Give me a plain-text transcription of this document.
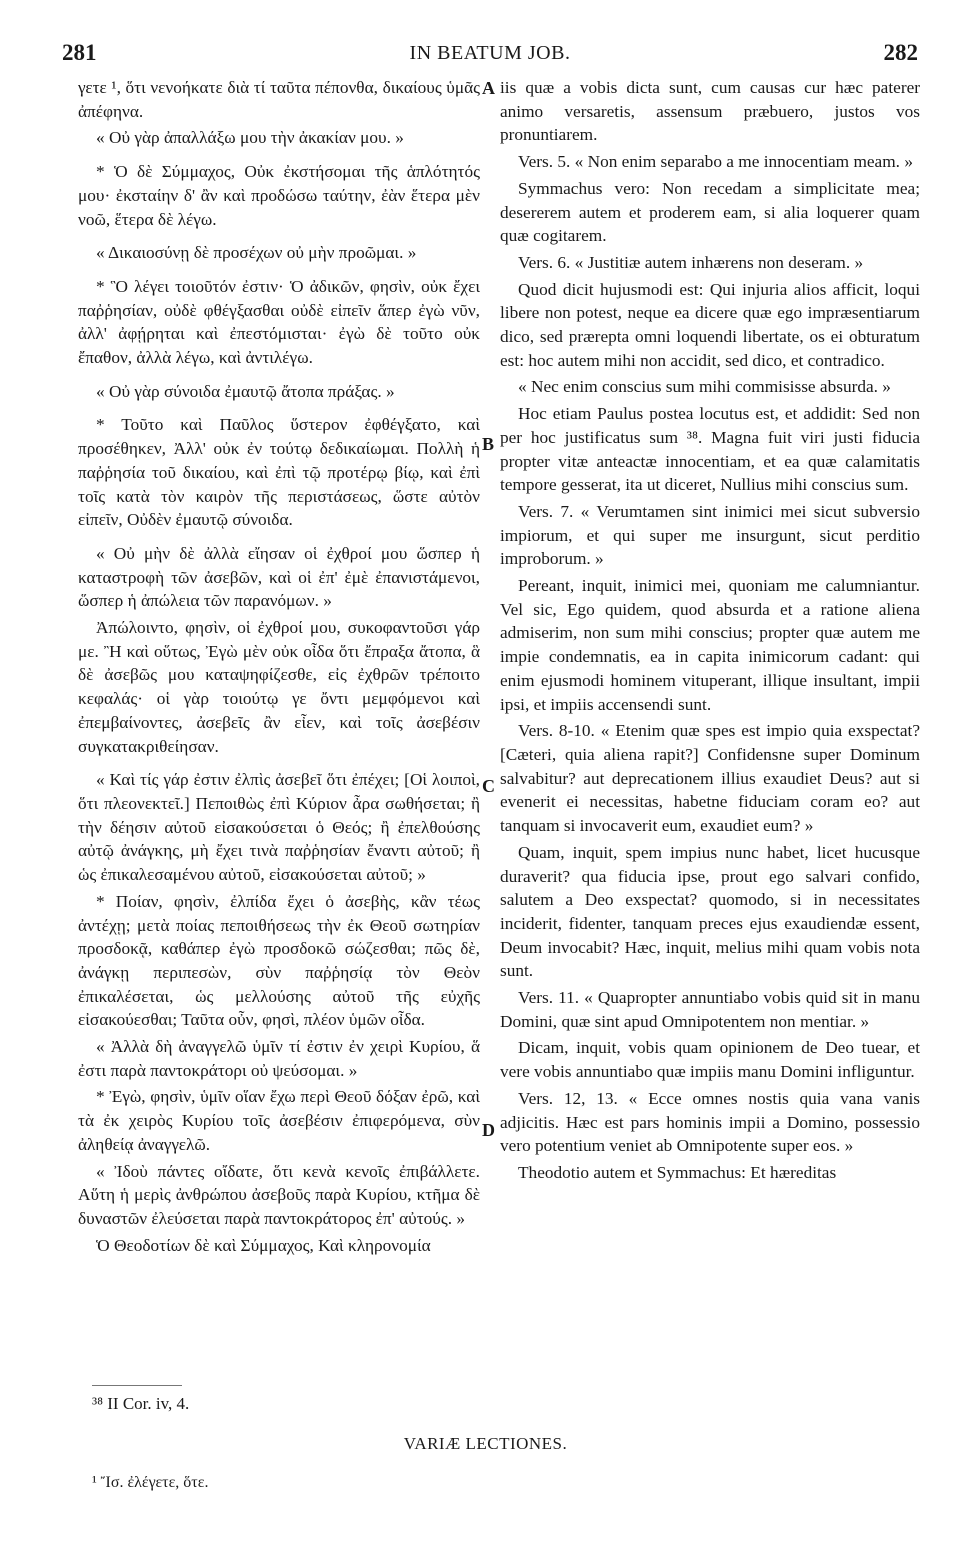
281	IN BEATUM JOB.	282

γετε ¹, ὅτι νενοήκατε διὰ τί ταῦτα πέπονθα, δικαίους ὑμᾶς ἀπέφηνα.

« Οὐ γὰρ ἀπαλλάξω μου τὴν ἀκακίαν μου. »

* Ὁ δὲ Σύμμαχος, Οὐκ ἐκστήσομαι τῆς ἁπλότητός μου· ἐκσταίην δ' ἂν καὶ προδώσω ταύτην, ἐὰν ἕτερα μὲν νοῶ, ἕτερα δὲ λέγω.

« Δικαιοσύνῃ δὲ προσέχων οὐ μὴν προῶμαι. »

* Ὃ λέγει τοιοῦτόν ἐστιν· Ὁ ἀδικῶν, φησὶν, οὐκ ἔχει παῤῥησίαν, οὐδὲ φθέγξασθαι οὐδὲ εἰπεῖν ἅπερ ἐγὼ νῦν, ἀλλ' ἀφῄρηται καὶ ἐπεστόμισται· ἐγὼ δὲ τοῦτο οὐκ ἔπαθον, ἀλλὰ λέγω, καὶ ἀντιλέγω.

« Οὐ γὰρ σύνοιδα ἐμαυτῷ ἄτοπα πράξας. »

* Τοῦτο καὶ Παῦλος ὕστερον ἐφθέγξατο, καὶ προσέθηκεν, Ἀλλ' οὐκ ἐν τούτῳ δεδικαίωμαι. Πολλὴ ἡ παῤῥησία τοῦ δικαίου, καὶ ἐπὶ τῷ προτέρῳ βίῳ, καὶ ἐπὶ τοῖς κατὰ τὸν καιρὸν τῆς περιστάσεως, ὥστε αὐτὸν εἰπεῖν, Οὐδὲν ἐμαυτῷ σύνοιδα.

« Οὐ μὴν δὲ ἀλλὰ εἴησαν οἱ ἐχθροί μου ὥσπερ ἡ καταστροφὴ τῶν ἀσεβῶν, καὶ οἱ ἐπ' ἐμὲ ἐπανιστάμενοι, ὥσπερ ἡ ἀπώλεια τῶν παρανόμων. »

Ἀπώλοιντο, φησὶν, οἱ ἐχθροί μου, συκοφαντοῦσι γάρ με. Ἢ καὶ οὕτως, Ἐγὼ μὲν οὐκ οἶδα ὅτι ἔπραξα ἄτοπα, ἃ δὲ ἀσεβῶς μου καταψηφίζεσθε, εἰς ἐχθρῶν τρέποιτο κεφαλάς· οἱ γὰρ τοιούτῳ γε ὄντι μεμφόμενοι καὶ ἐπεμβαίνοντες, ἀσεβεῖς ἂν εἶεν, καὶ τοῖς ἀσεβέσιν συγκατακριθείησαν.

« Καὶ τίς γάρ ἐστιν ἐλπὶς ἀσεβεῖ ὅτι ἐπέχει; [Οἱ λοιποὶ, ὅτι πλεονεκτεῖ.] Πεποιθὼς ἐπὶ Κύριον ἆρα σωθήσεται; ἢ τὴν δέησιν αὐτοῦ εἰσακούσεται ὁ Θεός; ἢ ἐπελθούσης αὐτῷ ἀνάγκης, μὴ ἔχει τινὰ παῤῥησίαν ἔναντι αὐτοῦ; ἢ ὡς ἐπικαλεσαμένου αὐτοῦ, εἰσακούσεται αὐτοῦ; »

* Ποίαν, φησὶν, ἐλπίδα ἔχει ὁ ἀσεβὴς, κἂν τέως ἀντέχῃ; μετὰ ποίας πεποιθήσεως τὴν ἐκ Θεοῦ σωτηρίαν προσδοκᾷ, καθάπερ ἐγὼ προσδοκῶ σώζεσθαι; πῶς δὲ, ἀνάγκῃ περιπεσὼν, σὺν παῤῥησίᾳ τὸν Θεὸν ἐπικαλέσεται, ὡς μελλούσης αὐτοῦ τῆς εὐχῆς εἰσακούεσθαι; Ταῦτα οὖν, φησὶ, πλέον ὑμῶν οἶδα.

« Ἀλλὰ δὴ ἀναγγελῶ ὑμῖν τί ἐστιν ἐν χειρὶ Κυρίου, ἅ ἐστι παρὰ παντοκράτορι οὐ ψεύσομαι. »

* Ἐγὼ, φησὶν, ὑμῖν οἵαν ἔχω περὶ Θεοῦ δόξαν ἐρῶ, καὶ τὰ ἐκ χειρὸς Κυρίου τοῖς ἀσεβέσιν ἐπιφερόμενα, σὺν ἀληθείᾳ ἀναγγελῶ.

« Ἰδοὺ πάντες οἴδατε, ὅτι κενὰ κενοῖς ἐπιβάλλετε. Αὕτη ἡ μερὶς ἀνθρώπου ἀσεβοῦς παρὰ Κυρίου, κτῆμα δὲ δυναστῶν ἐλεύσεται παρὰ παντοκράτορος ἐπ' αὐτούς. »

Ὁ Θεοδοτίων δὲ καὶ Σύμμαχος, Καὶ κληρονομία

A
B
C
D

iis quæ a vobis dicta sunt, cum causas cur hæc paterer animo versaretis, assensum præbuero, justos vos pronuntiarem.

Vers. 5. « Non enim separabo a me innocentiam meam. »

Symmachus vero: Non recedam a simplicitate mea; desererem autem et proderem eam, si alia loquerer quam quæ cogitarem.

Vers. 6. « Justitiæ autem inhærens non deseram. »

Quod dicit hujusmodi est: Qui injuria alios afficit, loqui libere non potest, neque ea dicere quæ ego impræsentiarum dico, sed prærepta omni loquendi libertate, os ei obturatum est: hoc autem mihi non accidit, sed dico, et contradico.

« Nec enim conscius sum mihi commisisse absurda. »

Hoc etiam Paulus postea locutus est, et addidit: Sed non per hoc justificatus sum ³⁸. Magna fuit viri justi fiducia propter vitæ anteactæ innocentiam, et ea quæ calamitatis tempore gesserat, ita ut diceret, Nullius mihi conscius sum.

Vers. 7. « Verumtamen sint inimici mei sicut subversio impiorum, et qui super me insurgunt, sicut perditio improborum. »

Pereant, inquit, inimici mei, quoniam me calumniantur. Vel sic, Ego quidem, quod absurda et a ratione aliena admiserim, non sum mihi conscius; propter quæ autem me impie condemnatis, ea in capita inimicorum cadant: qui enim ejusmodi hominem vituperant, illique insultant, impii ipsi, et impiis accensendi sunt.

Vers. 8-10. « Etenim quæ spes est impio quia exspectat? [Cæteri, quia aliena rapit?] Confidensne super Dominum salvabitur? aut deprecationem illius exaudiet Deus? aut si evenerit ei necessitas, habetne fiduciam coram eo? aut tanquam si invocaverit eum, exaudiet eum? »

Quam, inquit, spem impius nunc habet, licet hucusque duraverit? qua fiducia ipse, prout ego salvari confido, salutem a Deo exspectat? quomodo, si in necessitates inciderit, fidenter, tanquam preces ejus exaudiendæ essent, Deum invocabit? Hæc, inquit, melius mihi quam vobis nota sunt.

Vers. 11. « Quapropter annuntiabo vobis quid sit in manu Domini, quæ sint apud Omnipotentem non mentiar. »

Dicam, inquit, vobis quam opinionem de Deo tuear, et vere vobis annuntiabo quæ impiis manu Domini infliguntur.

Vers. 12, 13. « Ecce omnes nostis quia vana vanis adjicitis. Hæc est pars hominis impii a Domino, possessio vero potentium veniet ab Omnipotente super eos. »

Theodotio autem et Symmachus: Et hæreditas

³⁸ II Cor. iv, 4.
VARIÆ LECTIONES.
¹ Ἴσ. ἐλέγετε, ὅτε.
